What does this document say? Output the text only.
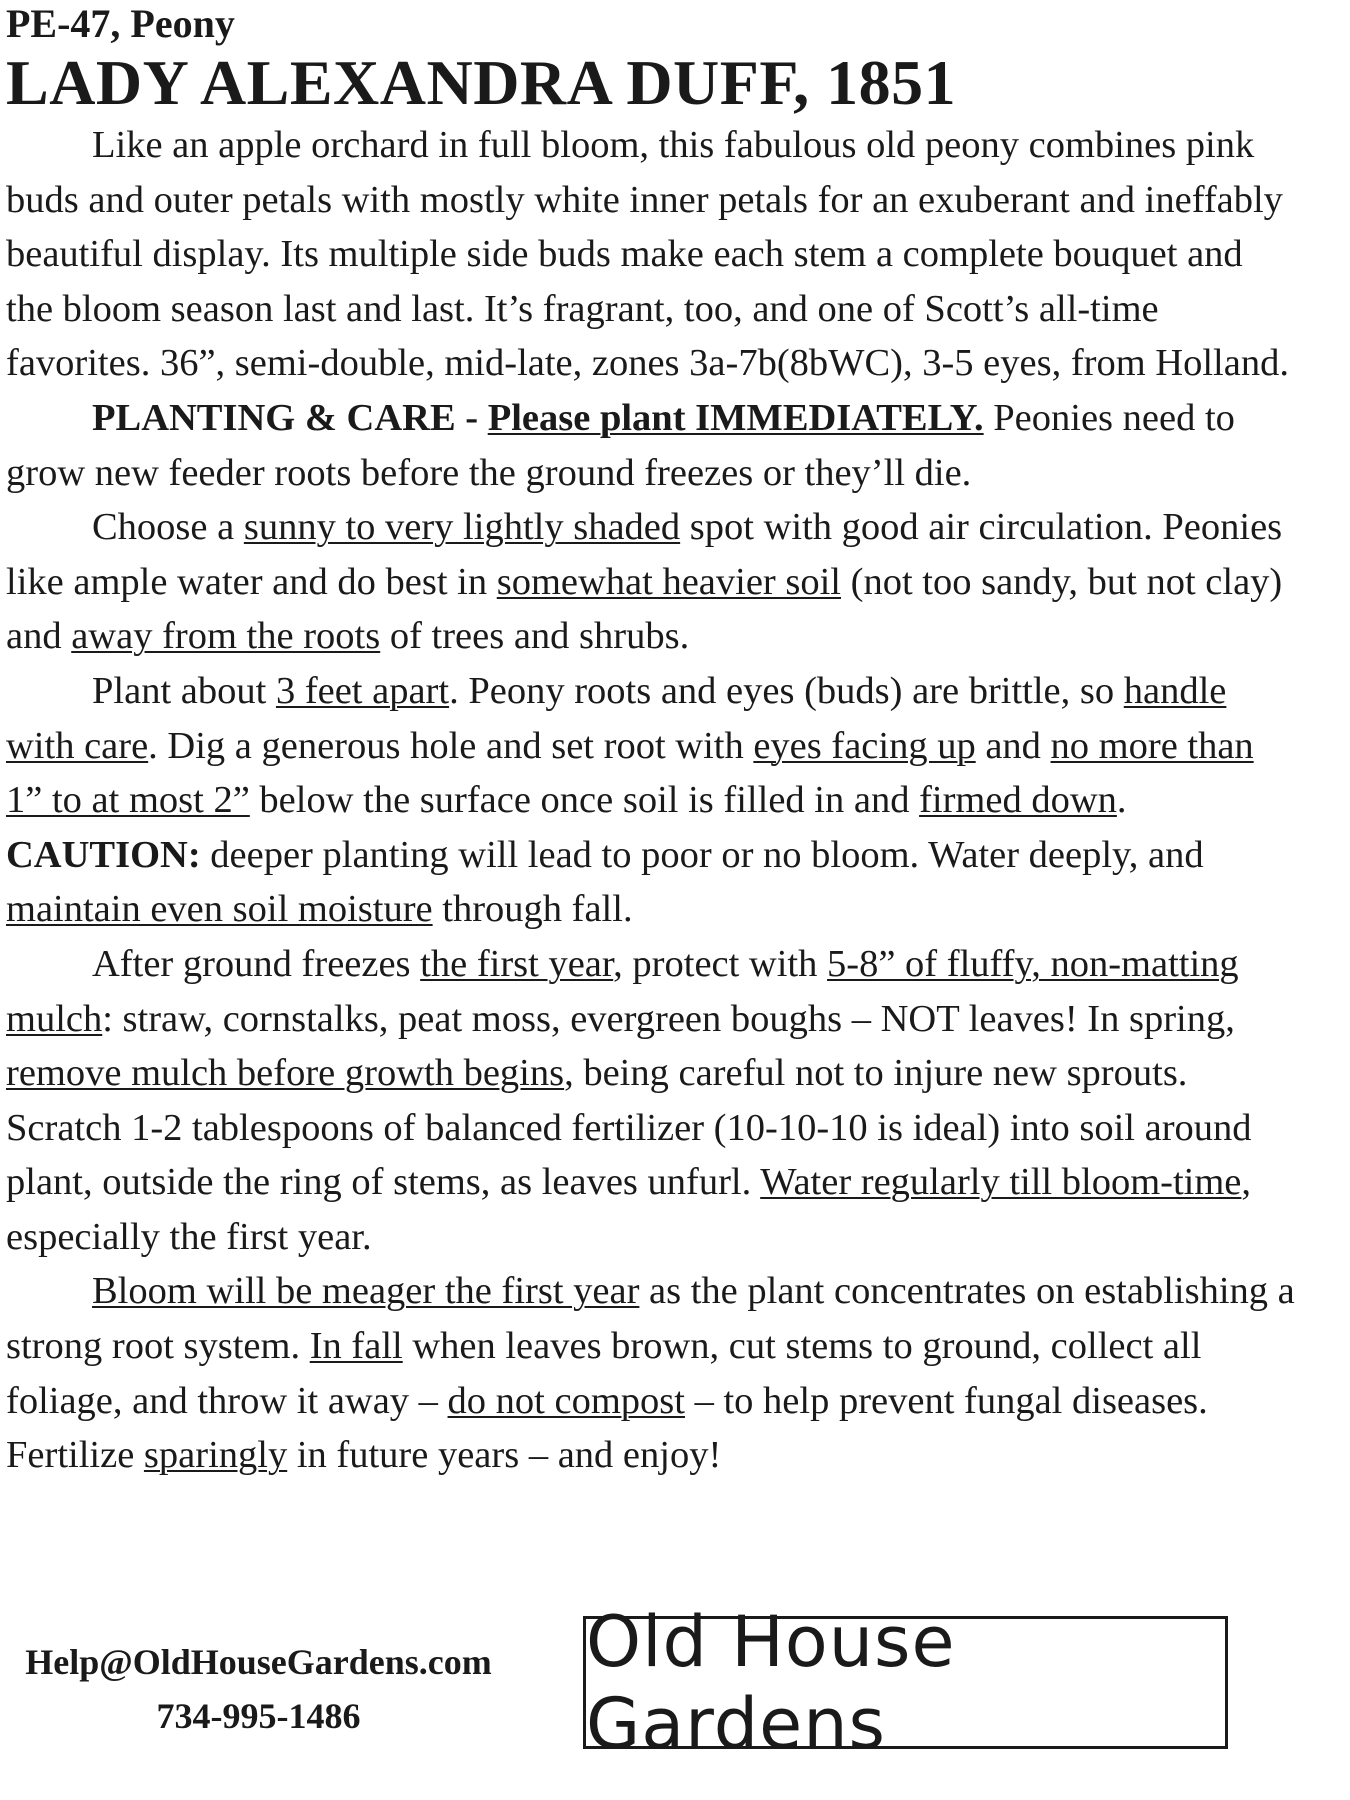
PE-47, Peony

LADY ALEXANDRA DUFF, 1851

Like an apple orchard in full bloom, this fabulous old peony combines pink buds and outer petals with mostly white inner petals for an exuberant and ineffably beautiful display. Its multiple side buds make each stem a complete bouquet and the bloom season last and last. It’s fragrant, too, and one of Scott’s all-time favorites. 36”, semi-double, mid-late, zones 3a-7b(8bWC), 3-5 eyes, from Holland.

PLANTING & CARE - Please plant IMMEDIATELY. Peonies need to grow new feeder roots before the ground freezes or they’ll die.

Choose a sunny to very lightly shaded spot with good air circulation. Peonies like ample water and do best in somewhat heavier soil (not too sandy, but not clay) and away from the roots of trees and shrubs.

Plant about 3 feet apart. Peony roots and eyes (buds) are brittle, so handle with care. Dig a generous hole and set root with eyes facing up and no more than 1” to at most 2” below the surface once soil is filled in and firmed down. CAUTION: deeper planting will lead to poor or no bloom. Water deeply, and maintain even soil moisture through fall.

After ground freezes the first year, protect with 5-8” of fluffy, non-matting mulch: straw, cornstalks, peat moss, evergreen boughs – NOT leaves! In spring, remove mulch before growth begins, being careful not to injure new sprouts. Scratch 1-2 tablespoons of balanced fertilizer (10-10-10 is ideal) into soil around plant, outside the ring of stems, as leaves unfurl. Water regularly till bloom-time, especially the first year.

Bloom will be meager the first year as the plant concentrates on establishing a strong root system. In fall when leaves brown, cut stems to ground, collect all foliage, and throw it away – do not compost – to help prevent fungal diseases. Fertilize sparingly in future years – and enjoy!

Help@OldHouseGardens.com
734-995-1486
Old House Gardens
